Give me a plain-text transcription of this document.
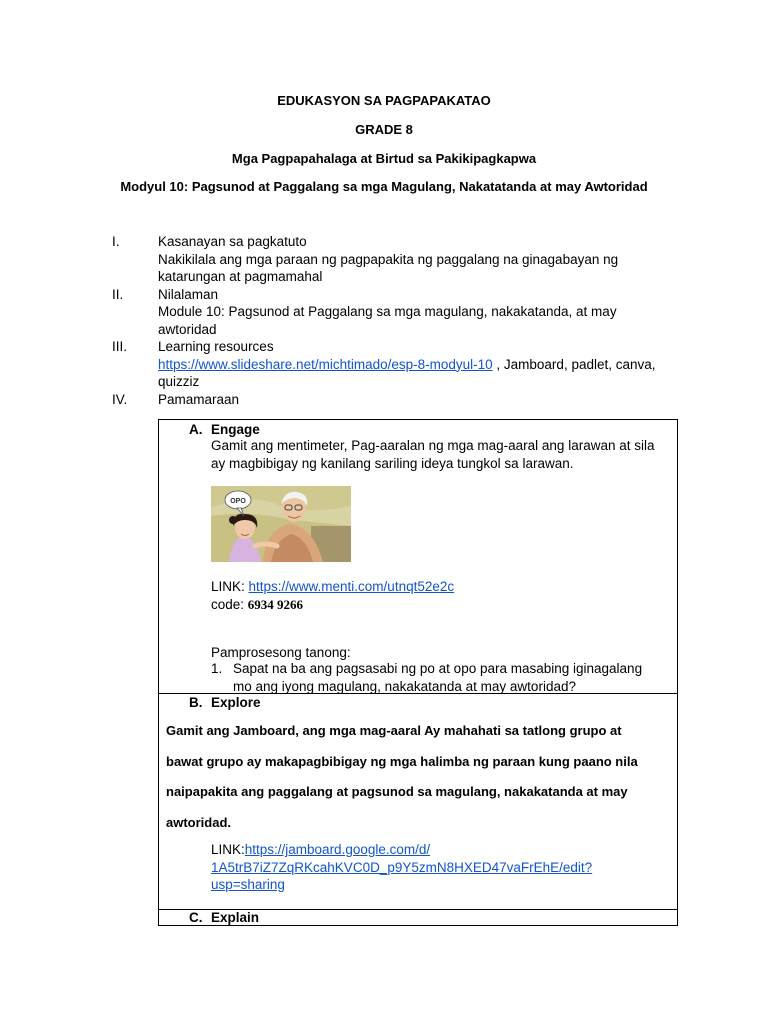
EDUKASYON SA PAGPAPAKATAO
GRADE 8
Mga Pagpapahalaga at Birtud sa Pakikipagkapwa
Modyul 10: Pagsunod at Paggalang sa mga Magulang, Nakatatanda at may Awtoridad
I.	Kasanayan sa pagkatuto
Nakikilala ang mga paraan ng pagpapakita ng paggalang na ginagabayan ng
katarungan at pagmamahal
II.	Nilalaman
Module 10: Pagsunod at Paggalang sa mga magulang, nakakatanda, at may
awtoridad
III.	Learning resources
https://www.slideshare.net/michtimado/esp-8-modyul-10 , Jamboard, padlet, canva,
quizziz
IV.	Pamamaraan
A. Engage
Gamit ang mentimeter, Pag-aaralan ng mga mag-aaral ang larawan at sila
ay magbibigay ng kanilang sariling ideya tungkol sa larawan.
OPO
LINK: https://www.menti.com/utnqt52e2c
code: 6934 9266
Pamprosesong tanong:
1. Sapat na ba ang pagsasabi ng po at opo para masabing iginagalang
mo ang iyong magulang, nakakatanda at may awtoridad?
B. Explore
Gamit ang Jamboard, ang mga mag-aaral Ay mahahati sa tatlong grupo at
bawat grupo ay makapagbibigay ng mga halimba ng paraan kung paano nila
naipapakita ang paggalang at pagsunod sa magulang, nakakatanda at may
awtoridad.
LINK:https://jamboard.google.com/d/
1A5trB7iZ7ZqRKcahKVC0D_p9Y5zmN8HXED47vaFrEhE/edit?
usp=sharing
C. Explain
